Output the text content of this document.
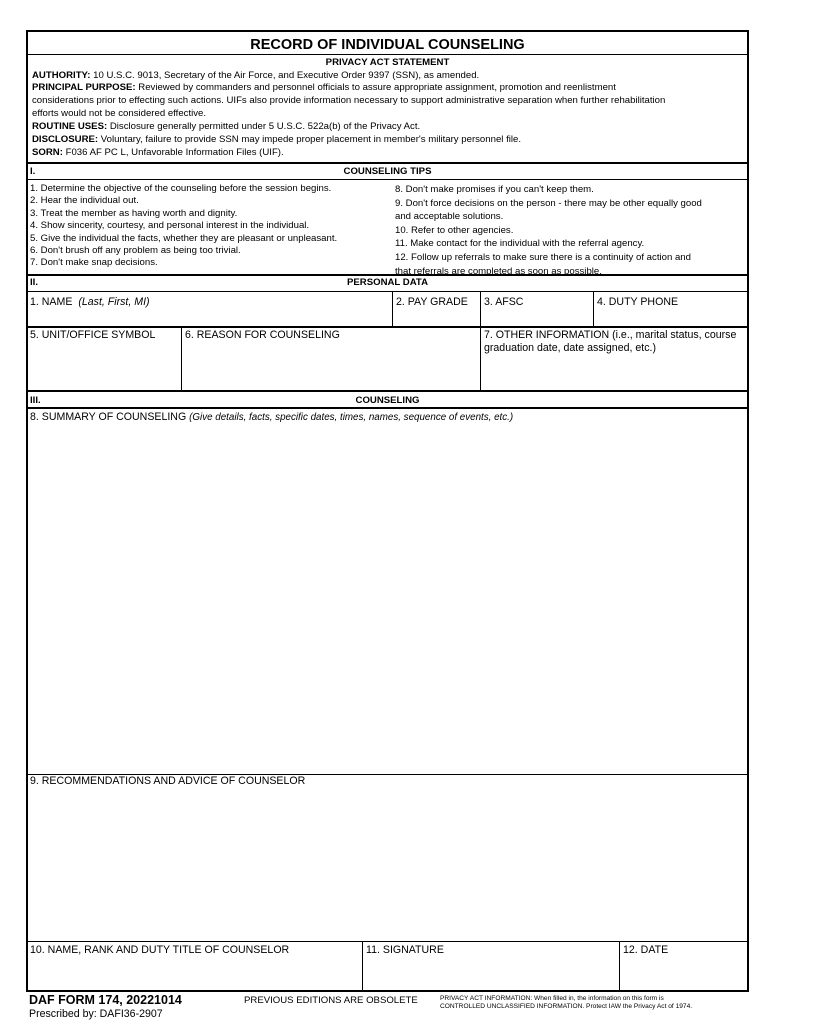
RECORD OF INDIVIDUAL COUNSELING
PRIVACY ACT STATEMENT
AUTHORITY: 10 U.S.C. 9013, Secretary of the Air Force, and Executive Order 9397 (SSN), as amended.
PRINCIPAL PURPOSE: Reviewed by commanders and personnel officials to assure appropriate assignment, promotion and reenlistment
considerations prior to effecting such actions. UIFs also provide information necessary to support administrative separation when further rehabilitation
efforts would not be considered effective.
ROUTINE USES: Disclosure generally permitted under 5 U.S.C. 522a(b) of the Privacy Act.
DISCLOSURE: Voluntary, failure to provide SSN may impede proper placement in member's military personnel file.
SORN: F036 AF PC L, Unfavorable Information Files (UIF).
I.	COUNSELING TIPS
1. Determine the objective of the counseling before the session begins.
2. Hear the individual out.
3. Treat the member as having worth and dignity.
4. Show sincerity, courtesy, and personal interest in the individual.
5. Give the individual the facts, whether they are pleasant or unpleasant.
6. Don't brush off any problem as being too trivial.
7. Don't make snap decisions.
8. Don't make promises if you can't keep them.
9. Don't force decisions on the person - there may be other equally good
and acceptable solutions.
10. Refer to other agencies.
11. Make contact for the individual with the referral agency.
12. Follow up referrals to make sure there is a continuity of action and
that referrals are completed as soon as possible.
II.	PERSONAL DATA
1. NAME (Last, First, MI)	2. PAY GRADE	3. AFSC	4. DUTY PHONE
5. UNIT/OFFICE SYMBOL	6. REASON FOR COUNSELING	7. OTHER INFORMATION (i.e., marital status, course
graduation date, date assigned, etc.)
III.	COUNSELING
8. SUMMARY OF COUNSELING (Give details, facts, specific dates, times, names, sequence of events, etc.)
9. RECOMMENDATIONS AND ADVICE OF COUNSELOR
10. NAME, RANK AND DUTY TITLE OF COUNSELOR	11. SIGNATURE	12. DATE
DAF FORM 174, 20221014
Prescribed by: DAFI36-2907
PREVIOUS EDITIONS ARE OBSOLETE	PRIVACY ACT INFORMATION: When filled in, the information on this form is
CONTROLLED UNCLASSIFIED INFORMATION. Protect IAW the Privacy Act of 1974.
